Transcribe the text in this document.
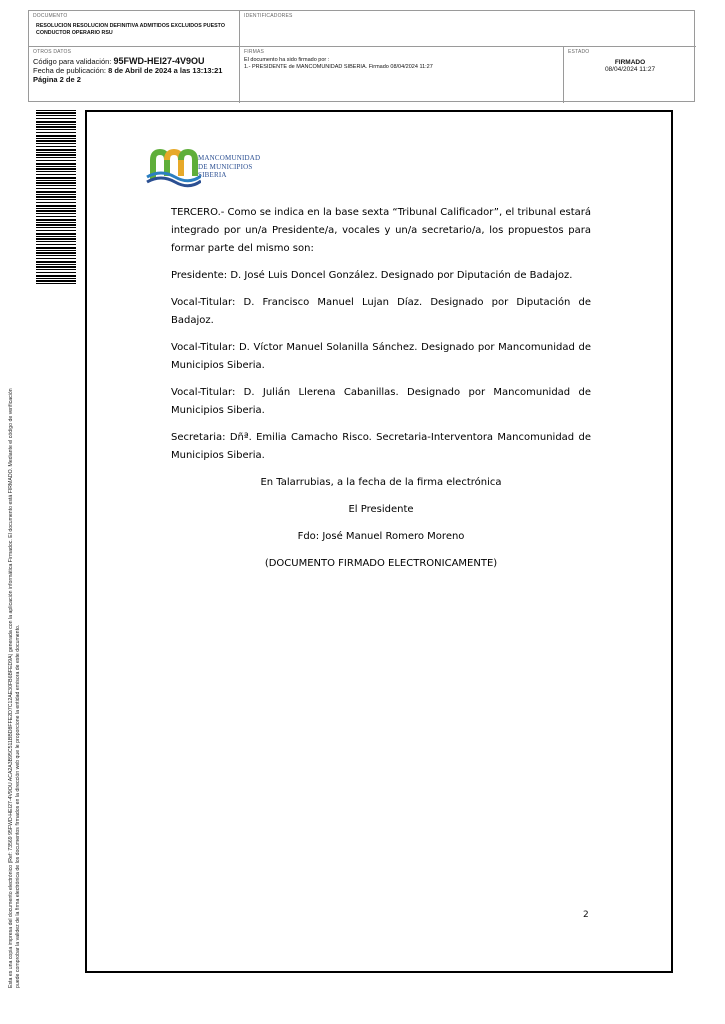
DOCUMENTO
RESOLUCION RESOLUCION DEFINITIVA ADMITIDOS EXCLUIDOS PUESTO CONDUCTOR OPERARIO RSU
IDENTIFICADORES
OTROS DATOS
Código para validación: 95FWD-HEI27-4V9OU
Fecha de publicación: 8 de Abril de 2024 a las 13:13:21
Página 2 de 2
FIRMAS
El documento ha sido firmado por :
1.- PRESIDENTE de MANCOMUNIDAD SIBERIA. Firmado 08/04/2024 11:27
ESTADO
FIRMADO
08/04/2024 11:27
Esta es una copia impresa del documento electrónico (Ref: 73569 95FWD-HEI27-4V9OU ACA2A3B95C511BBD8FFE2D7C12AE30FB6BFED9A) generada con la aplicación informática Firmadoc. El documento está FIRMADO. Mediante el código de verificación puede comprobar la validez de la firma electrónica de los documentos firmados en la dirección web que le proporcione la entidad emisora de este documento.
MANCOMUNIDAD
DE MUNICIPIOS
SIBERIA

TERCERO.- Como se indica en la base sexta “Tribunal Calificador”, el tribunal estará integrado por un/a Presidente/a, vocales y un/a secretario/a, los propuestos para formar parte del mismo son:

Presidente: D. José Luis Doncel González. Designado por Diputación de Badajoz.

Vocal-Titular: D. Francisco Manuel Lujan Díaz. Designado por Diputación de Badajoz.

Vocal-Titular: D. Víctor Manuel Solanilla Sánchez. Designado por Mancomunidad de Municipios Siberia.

Vocal-Titular: D. Julián Llerena Cabanillas. Designado por Mancomunidad de Municipios Siberia.

Secretaria: Dñª. Emilia Camacho Risco. Secretaria-Interventora Mancomunidad de Municipios Siberia.

En Talarrubias, a la fecha de la firma electrónica

El Presidente

Fdo: José Manuel Romero Moreno

(DOCUMENTO FIRMADO ELECTRONICAMENTE)

2
